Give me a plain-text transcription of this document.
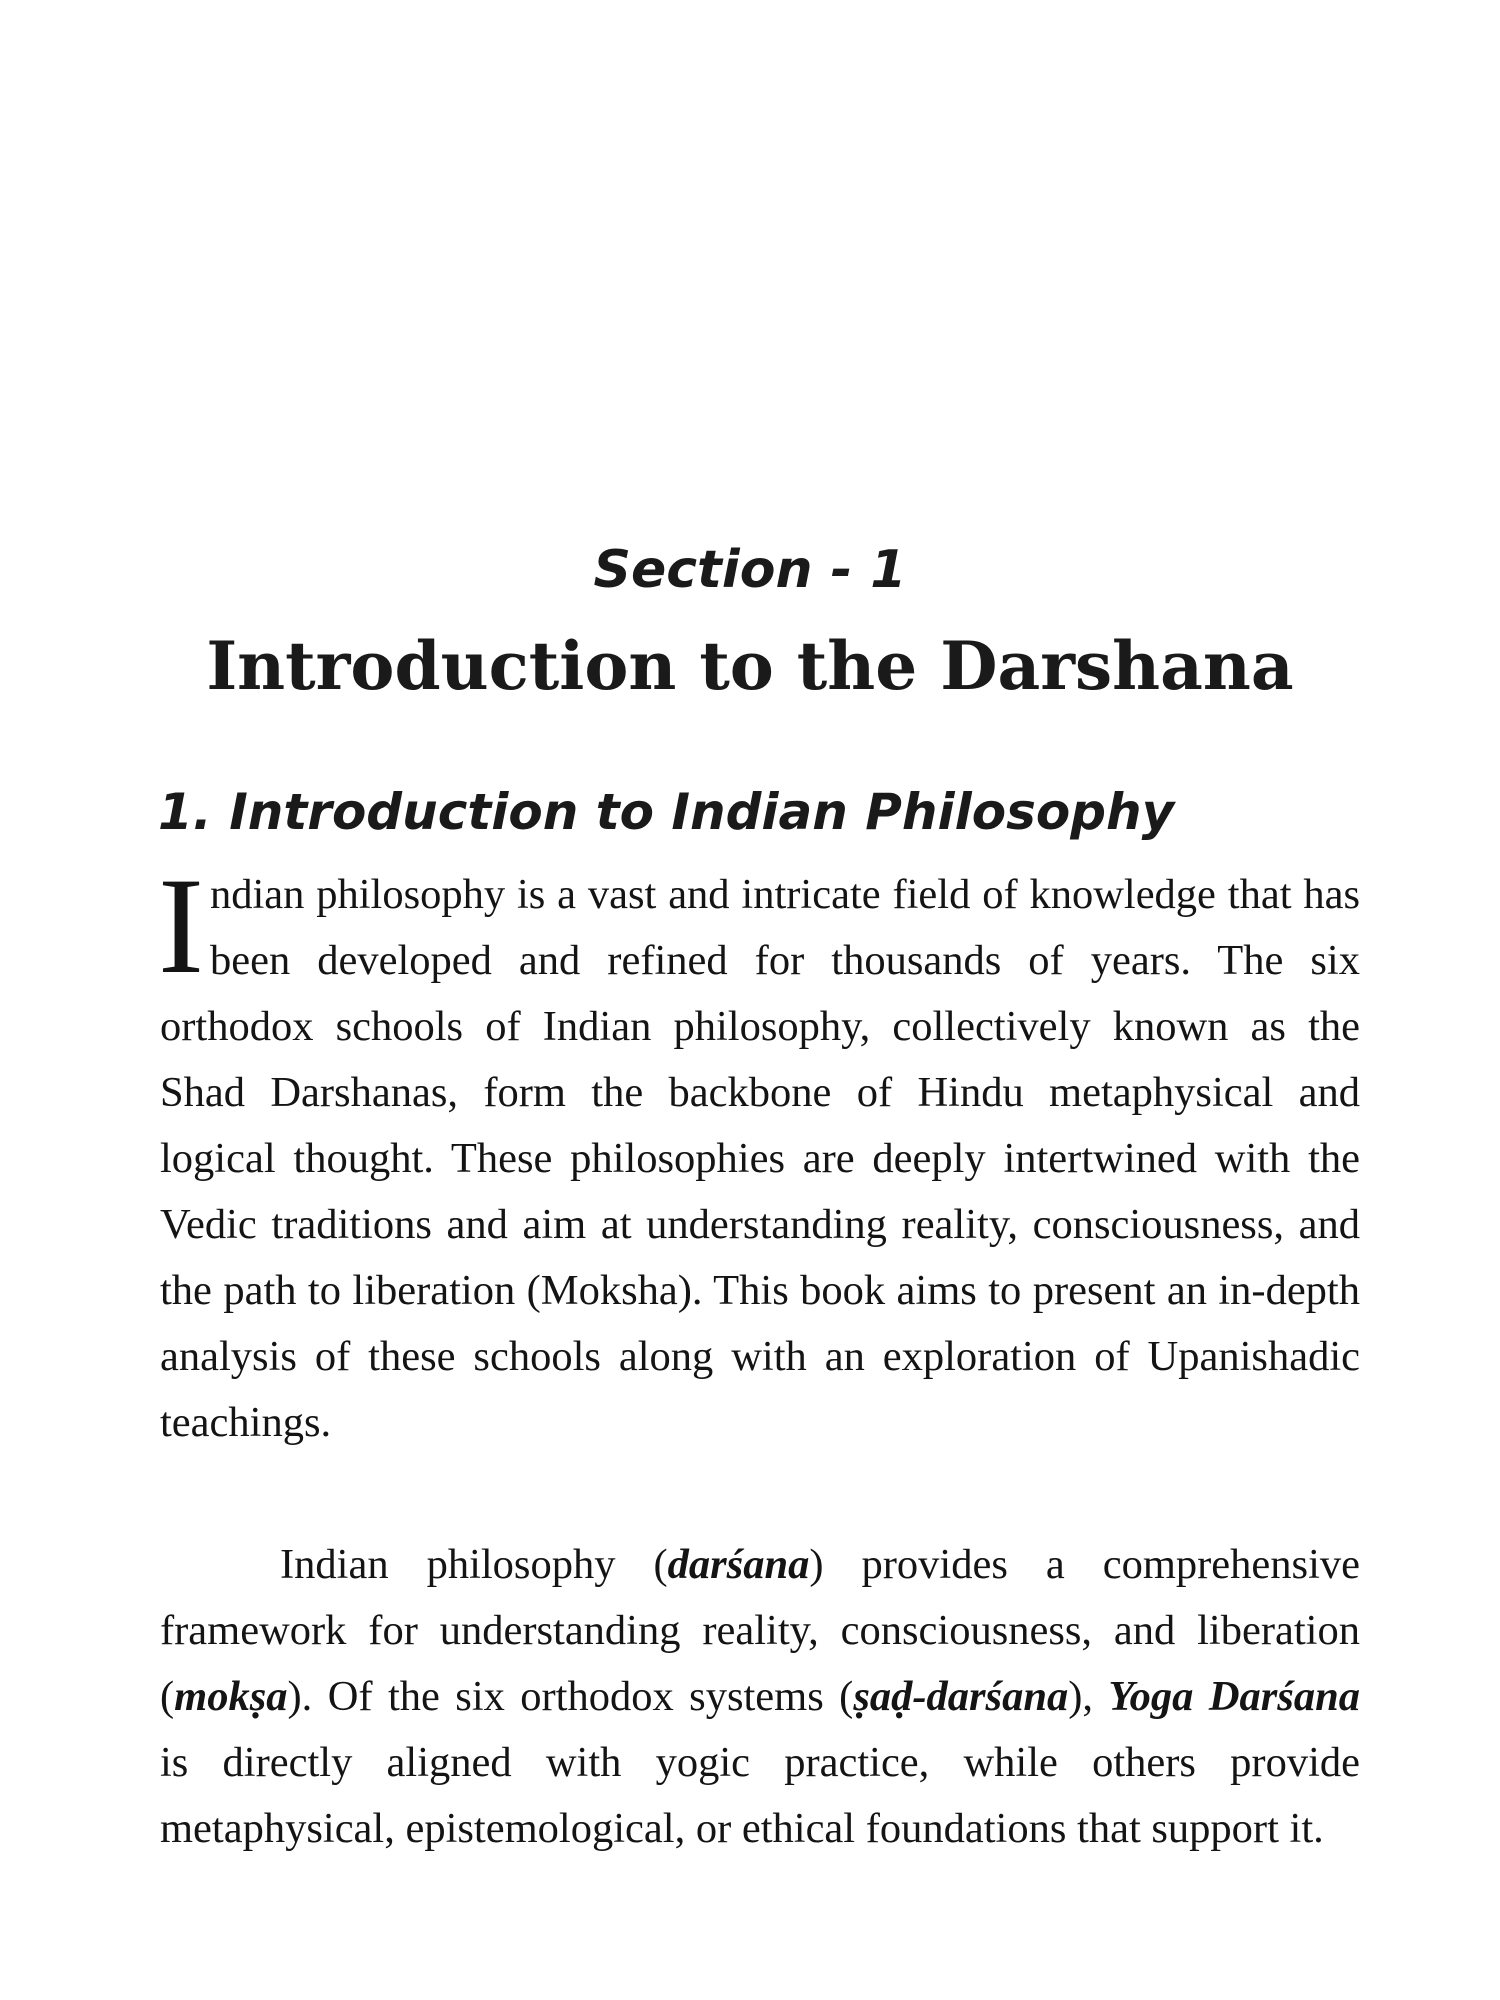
Section - 1
Introduction to the Darshana
1. Introduction to Indian Philosophy

Indian philosophy is a vast and intricate field of knowledge that has been developed and refined for thousands of years. The six orthodox schools of Indian philosophy, collectively known as the Shad Darshanas, form the backbone of Hindu metaphysical and logical thought. These philosophies are deeply intertwined with the Vedic traditions and aim at understanding reality, consciousness, and the path to liberation (Moksha). This book aims to present an in-depth analysis of these schools along with an exploration of Upanishadic teachings.

Indian philosophy (darśana) provides a comprehensive framework for understanding reality, consciousness, and liberation (mokṣa). Of the six orthodox systems (ṣaḍ-darśana), Yoga Darśana is directly aligned with yogic practice, while others provide metaphysical, epistemological, or ethical foundations that support it.
